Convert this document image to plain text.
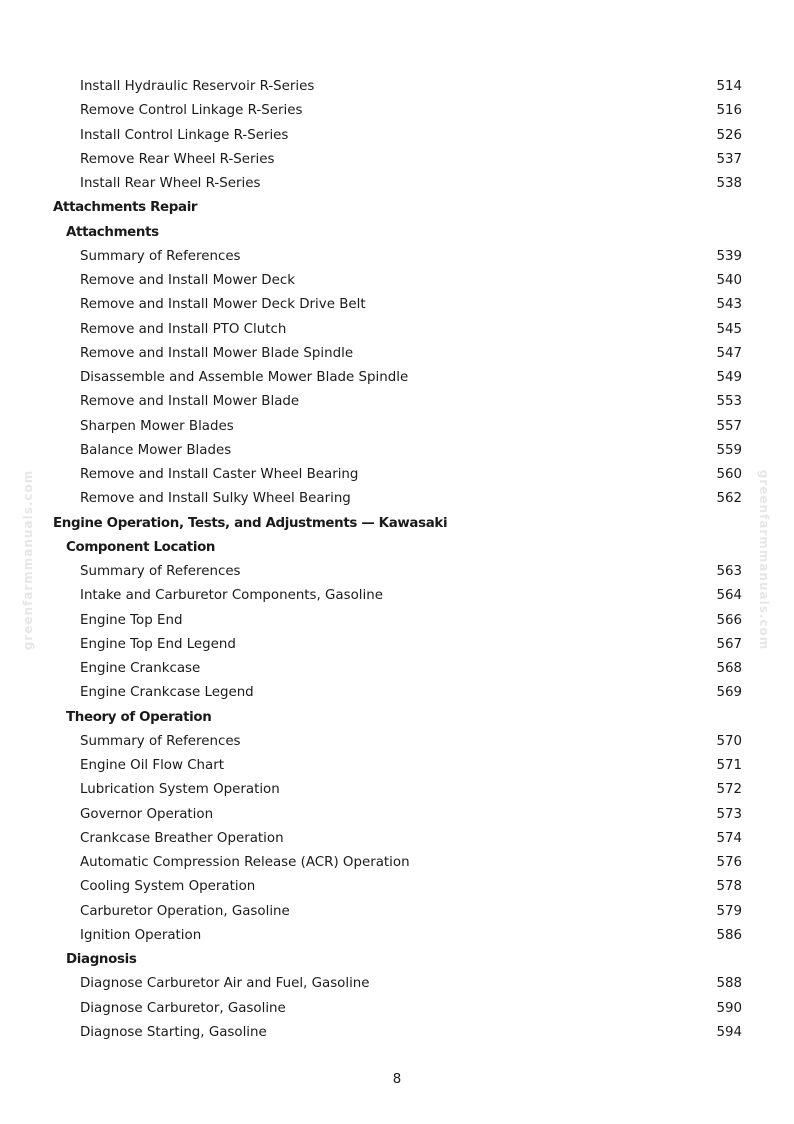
greenfarmmanuals.com	greenfarmmanuals.com
Install Hydraulic Reservoir R-Series	514
Remove Control Linkage R-Series	516
Install Control Linkage R-Series	526
Remove Rear Wheel R-Series	537
Install Rear Wheel R-Series	538
Attachments Repair
Attachments
Summary of References	539
Remove and Install Mower Deck	540
Remove and Install Mower Deck Drive Belt	543
Remove and Install PTO Clutch	545
Remove and Install Mower Blade Spindle	547
Disassemble and Assemble Mower Blade Spindle	549
Remove and Install Mower Blade	553
Sharpen Mower Blades	557
Balance Mower Blades	559
Remove and Install Caster Wheel Bearing	560
Remove and Install Sulky Wheel Bearing	562
Engine Operation, Tests, and Adjustments — Kawasaki
Component Location
Summary of References	563
Intake and Carburetor Components, Gasoline	564
Engine Top End	566
Engine Top End Legend	567
Engine Crankcase	568
Engine Crankcase Legend	569
Theory of Operation
Summary of References	570
Engine Oil Flow Chart	571
Lubrication System Operation	572
Governor Operation	573
Crankcase Breather Operation	574
Automatic Compression Release (ACR) Operation	576
Cooling System Operation	578
Carburetor Operation, Gasoline	579
Ignition Operation	586
Diagnosis
Diagnose Carburetor Air and Fuel, Gasoline	588
Diagnose Carburetor, Gasoline	590
Diagnose Starting, Gasoline	594
8
